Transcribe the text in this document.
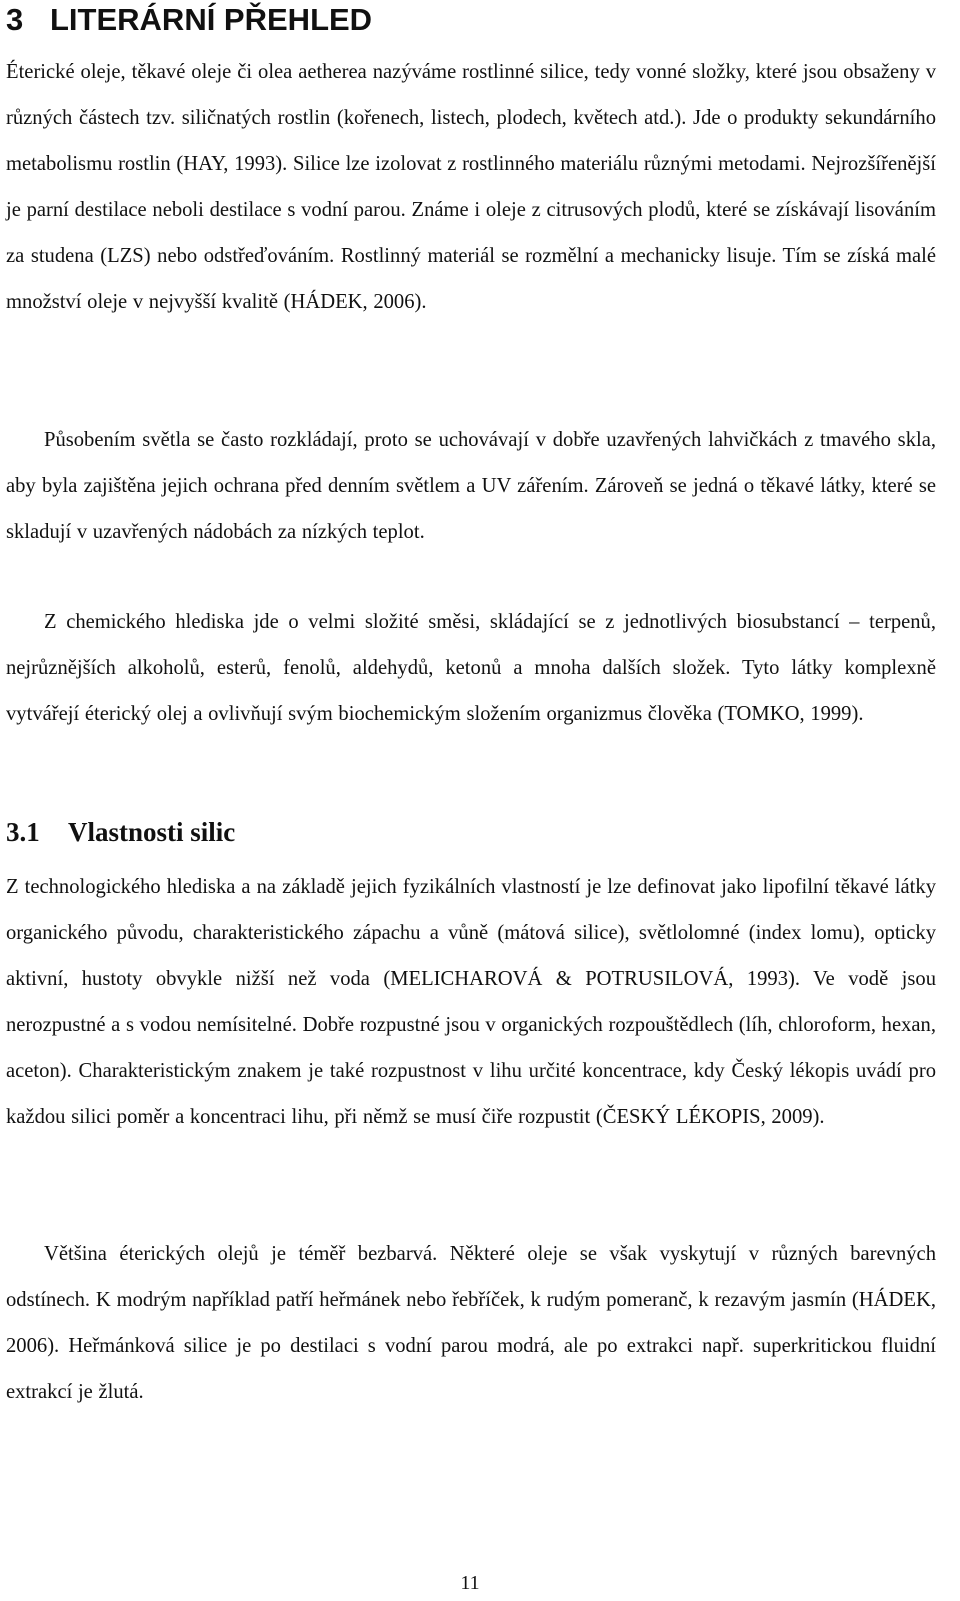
3 LITERÁRNÍ PŘEHLED

Éterické oleje, těkavé oleje či olea aetherea nazýváme rostlinné silice, tedy vonné složky, které jsou obsaženy v různých částech tzv. siličnatých rostlin (kořenech, listech, plodech, květech atd.). Jde o produkty sekundárního metabolismu rostlin (HAY, 1993). Silice lze izolovat z rostlinného materiálu různými metodami. Nejrozšířenější je parní destilace neboli destilace s vodní parou. Známe i oleje z citrusových plodů, které se získávají lisováním za studena (LZS) nebo odstřeďováním. Rostlinný materiál se rozmělní a mechanicky lisuje. Tím se získá malé množství oleje v nejvyšší kvalitě (HÁDEK, 2006).

Působením světla se často rozkládají, proto se uchovávají v dobře uzavřených lahvičkách z tmavého skla, aby byla zajištěna jejich ochrana před denním světlem a UV zářením. Zároveň se jedná o těkavé látky, které se skladují v uzavřených nádobách za nízkých teplot.

Z chemického hlediska jde o velmi složité směsi, skládající se z jednotlivých biosubstancí – terpenů, nejrůznějších alkoholů, esterů, fenolů, aldehydů, ketonů a mnoha dalších složek. Tyto látky komplexně vytvářejí éterický olej a ovlivňují svým biochemickým složením organizmus člověka (TOMKO, 1999).

3.1 Vlastnosti silic

Z technologického hlediska a na základě jejich fyzikálních vlastností je lze definovat jako lipofilní těkavé látky organického původu, charakteristického zápachu a vůně (mátová silice), světlolomné (index lomu), opticky aktivní, hustoty obvykle nižší než voda (MELICHAROVÁ & POTRUSILOVÁ, 1993). Ve vodě jsou nerozpustné a s vodou nemísitelné. Dobře rozpustné jsou v organických rozpouštědlech (líh, chloroform, hexan, aceton). Charakteristickým znakem je také rozpustnost v lihu určité koncentrace, kdy Český lékopis uvádí pro každou silici poměr a koncentraci lihu, při němž se musí čiře rozpustit (ČESKÝ LÉKOPIS, 2009).

Většina éterických olejů je téměř bezbarvá. Některé oleje se však vyskytují v různých barevných odstínech. K modrým například patří heřmánek nebo řebříček, k rudým pomeranč, k rezavým jasmín (HÁDEK, 2006). Heřmánková silice je po destilaci s vodní parou modrá, ale po extrakci např. superkritickou fluidní extrakcí je žlutá.

11
